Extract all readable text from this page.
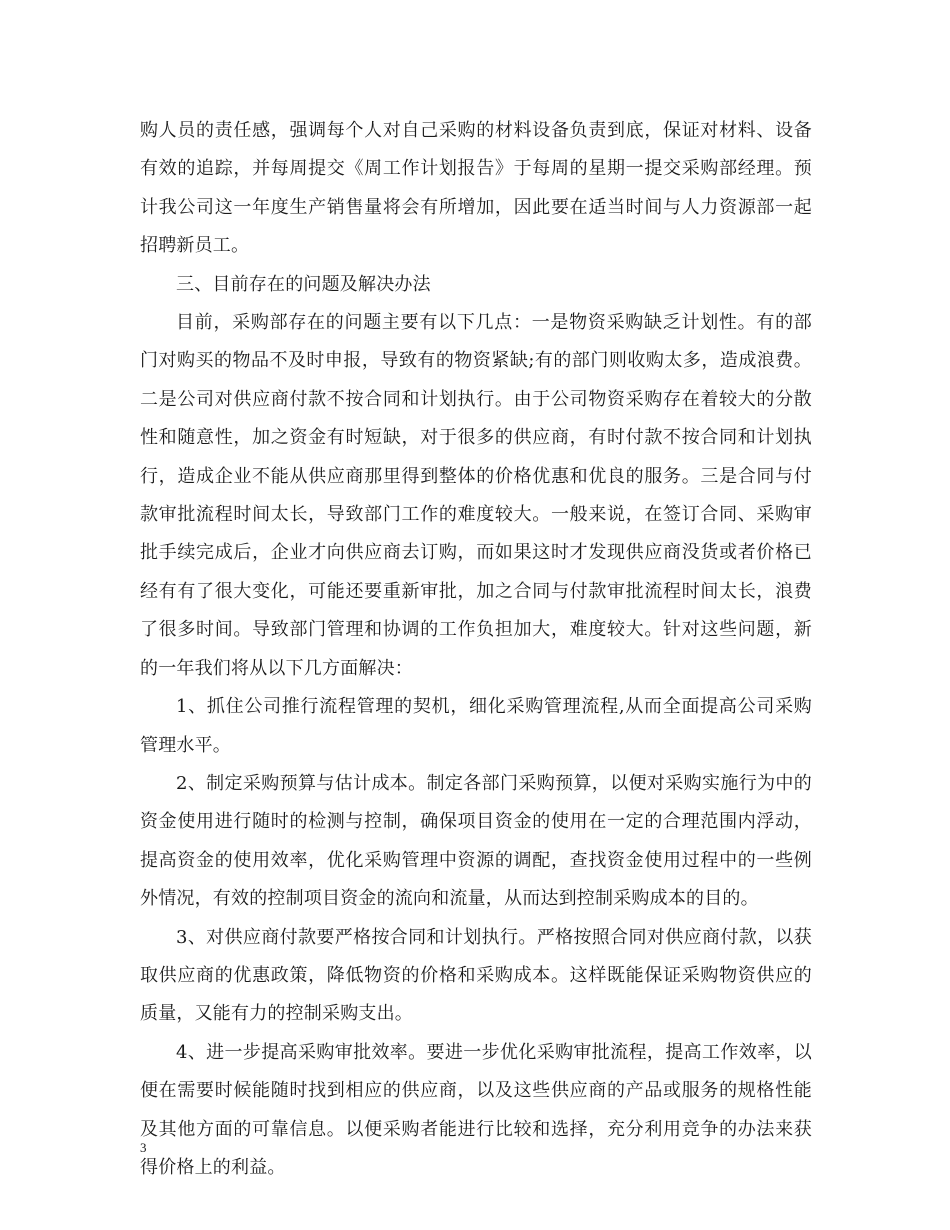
购人员的责任感，强调每个人对自己采购的材料设备负责到底，保证对材料、设备有效的追踪，并每周提交《周工作计划报告》于每周的星期一提交采购部经理。预计我公司这一年度生产销售量将会有所增加，因此要在适当时间与人力资源部一起招聘新员工。

三、目前存在的问题及解决办法

目前，采购部存在的问题主要有以下几点：一是物资采购缺乏计划性。有的部门对购买的物品不及时申报，导致有的物资紧缺;有的部门则收购太多，造成浪费。二是公司对供应商付款不按合同和计划执行。由于公司物资采购存在着较大的分散性和随意性，加之资金有时短缺，对于很多的供应商，有时付款不按合同和计划执行，造成企业不能从供应商那里得到整体的价格优惠和优良的服务。三是合同与付款审批流程时间太长，导致部门工作的难度较大。一般来说，在签订合同、采购审批手续完成后，企业才向供应商去订购，而如果这时才发现供应商没货或者价格已经有有了很大变化，可能还要重新审批，加之合同与付款审批流程时间太长，浪费了很多时间。导致部门管理和协调的工作负担加大，难度较大。针对这些问题，新的一年我们将从以下几方面解决：

1、抓住公司推行流程管理的契机，细化采购管理流程,从而全面提高公司采购管理水平。

2、制定采购预算与估计成本。制定各部门采购预算，以便对采购实施行为中的资金使用进行随时的检测与控制，确保项目资金的使用在一定的合理范围内浮动，提高资金的使用效率，优化采购管理中资源的调配，查找资金使用过程中的一些例外情况，有效的控制项目资金的流向和流量，从而达到控制采购成本的目的。

3、对供应商付款要严格按合同和计划执行。严格按照合同对供应商付款，以获取供应商的优惠政策，降低物资的价格和采购成本。这样既能保证采购物资供应的质量，又能有力的控制采购支出。

4、进一步提高采购审批效率。要进一步优化采购审批流程，提高工作效率，以便在需要时候能随时找到相应的供应商，以及这些供应商的产品或服务的规格性能及其他方面的可靠信息。以便采购者能进行比较和选择，充分利用竞争的办法来获得价格上的利益。

3
